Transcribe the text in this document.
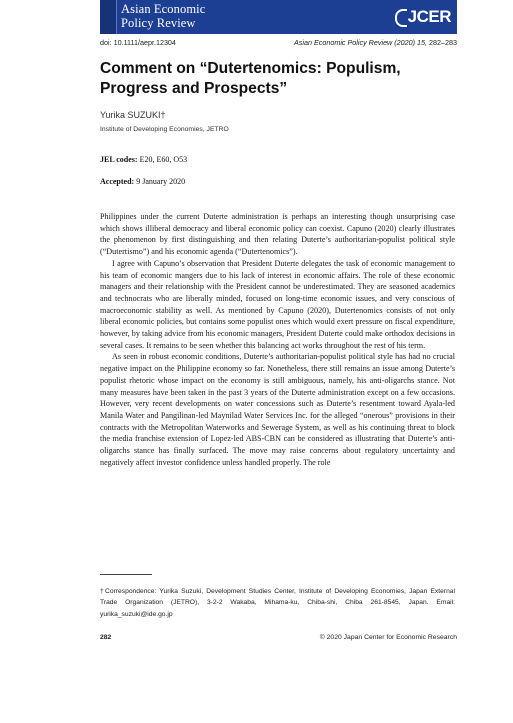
Asian Economic
Policy Review	JCER
doi: 10.1111/aepr.12304	Asian Economic Policy Review (2020) 15, 282–283
Comment on “Dutertenomics: Populism, Progress and Prospects”
Yurika SUZUKI†
Institute of Developing Economies, JETRO
JEL codes: E20, E60, O53
Accepted: 9 January 2020

Philippines under the current Duterte administration is perhaps an interesting though unsurprising case which shows illiberal democracy and liberal economic policy can coexist. Capuno (2020) clearly illustrates the phenomenon by first distinguishing and then relating Duterte’s authoritarian-populist political style (“Dutertismo”) and his economic agenda (“Dutertenomics”).

I agree with Capuno’s observation that President Duterte delegates the task of economic management to his team of economic mangers due to his lack of interest in economic affairs. The role of these economic managers and their relationship with the President cannot be underestimated. They are seasoned academics and technocrats who are liberally minded, focused on long-time economic issues, and very conscious of macroeconomic stability as well. As mentioned by Capuno (2020), Dutertenomics consists of not only liberal economic policies, but contains some populist ones which would exert pressure on fiscal expenditure, however, by taking advice from his economic managers, President Duterte could make orthodox decisions in several cases. It remains to be seen whether this balancing act works throughout the rest of his term.

As seen in robust economic conditions, Duterte’s authoritarian-populist political style has had no crucial negative impact on the Philippine economy so far. Nonetheless, there still remains an issue among Duterte’s populist rhetoric whose impact on the economy is still ambiguous, namely, his anti-oligarchs stance. Not many measures have been taken in the past 3 years of the Duterte administration except on a few occasions. However, very recent developments on water concessions such as Duterte’s resentment toward Ayala-led Manila Water and Pangilinan-led Maynilad Water Services Inc. for the alleged “onerous” provisions in their contracts with the Metropolitan Waterworks and Sewerage System, as well as his continuing threat to block the media franchise extension of Lopez-led ABS-CBN can be considered as illustrating that Duterte’s anti-oligarchs stance has finally surfaced. The move may raise concerns about regulatory uncertainty and negatively affect investor confidence unless handled properly. The role

†Correspondence: Yurika Suzuki, Development Studies Center, Institute of Developing Economies, Japan External Trade Organization (JETRO), 3-2-2 Wakaba, Mihama-ku, Chiba-shi, Chiba 261-8545, Japan. Email: yurika_suzuki@ide.go.jp
282	© 2020 Japan Center for Economic Research
